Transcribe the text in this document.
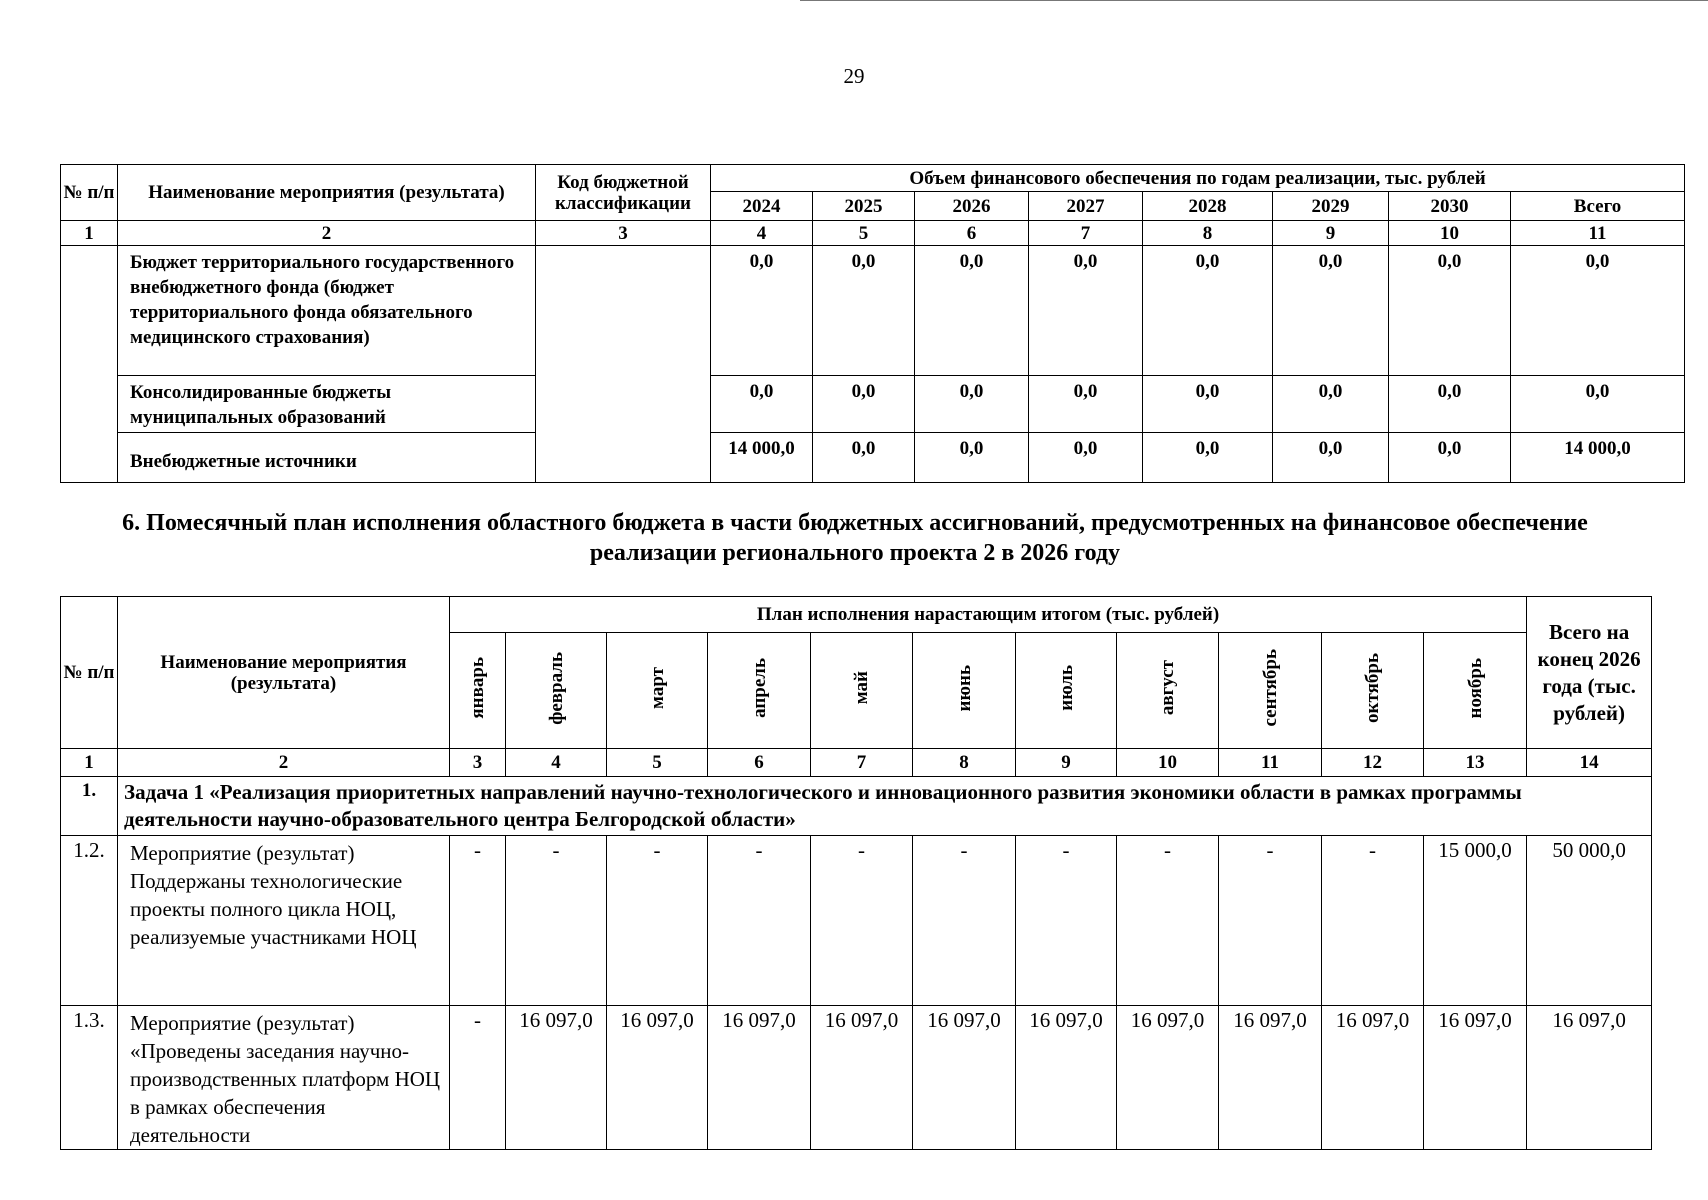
29
№ п/п	Наименование мероприятия (результата)	Код бюджетной классификации	Объем финансового обеспечения по годам реализации, тыс. рублей							
			2024	2025	2026	2027	2028	2029	2030	Всего
1	2	3	4	5	6	7	8	9	10	11
	Бюджет территориального государственного внебюджетного фонда (бюджет территориального фонда обязательного медицинского страхования)		0,0	0,0	0,0	0,0	0,0	0,0	0,0	0,0
	Консолидированные бюджеты муниципальных образований		0,0	0,0	0,0	0,0	0,0	0,0	0,0	0,0
	Внебюджетные источники		14 000,0	0,0	0,0	0,0	0,0	0,0	0,0	14 000,0
6. Помесячный план исполнения областного бюджета в части бюджетных ассигнований, предусмотренных на финансовое обеспечение реализации регионального проекта 2 в 2026 году
№ п/п	Наименование мероприятия (результата)	План исполнения нарастающим итогом (тыс. рублей)											Всего на конец 2026 года (тыс. рублей)
		январь	февраль	март	апрель	май	июнь	июль	август	сентябрь	октябрь	ноябрь	
1	2	3	4	5	6	7	8	9	10	11	12	13	14
1.	Задача 1 «Реализация приоритетных направлений научно-технологического и инновационного развития экономики области в рамках программы деятельности научно-образовательного центра Белгородской области»												
1.2.	Мероприятие (результат) Поддержаны технологические проекты полного цикла НОЦ, реализуемые участниками НОЦ	-	-	-	-	-	-	-	-	-	-	15 000,0	50 000,0
1.3.	Мероприятие (результат) «Проведены заседания научно-производственных платформ НОЦ в рамках обеспечения деятельности	-	16 097,0	16 097,0	16 097,0	16 097,0	16 097,0	16 097,0	16 097,0	16 097,0	16 097,0	16 097,0	16 097,0
